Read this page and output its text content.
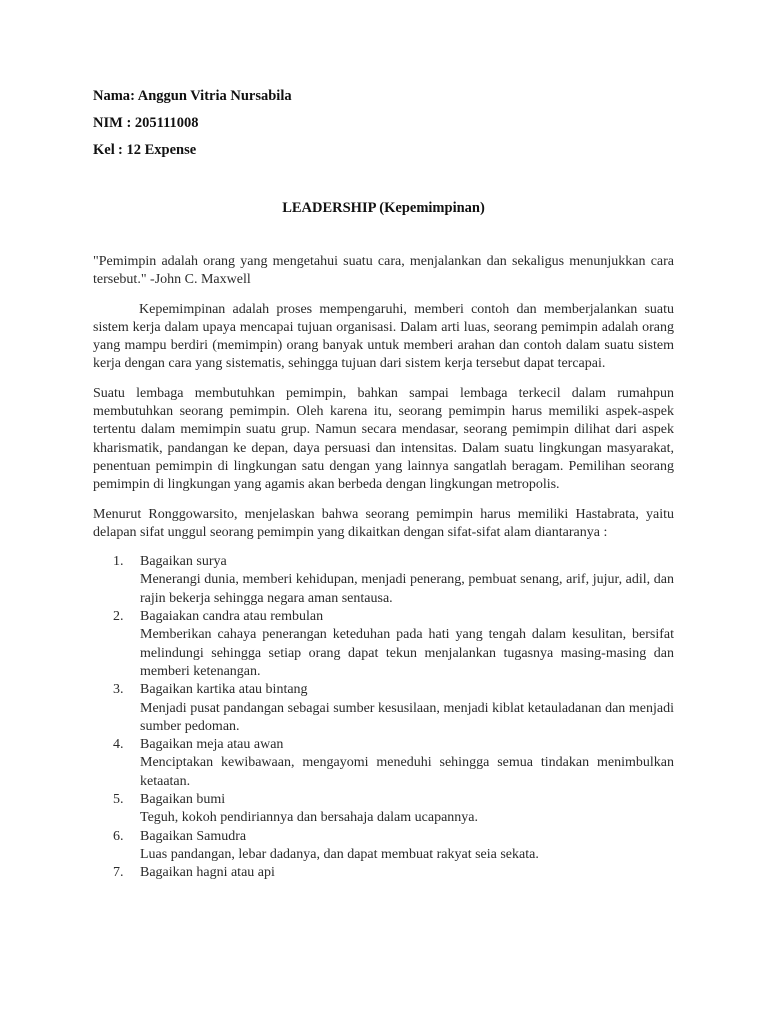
Nama: Anggun Vitria Nursabila
NIM : 205111008
Kel : 12 Expense
LEADERSHIP (Kepemimpinan)

"Pemimpin adalah orang yang mengetahui suatu cara, menjalankan dan sekaligus menunjukkan cara tersebut." -John C. Maxwell

Kepemimpinan adalah proses mempengaruhi, memberi contoh dan memberjalankan suatu sistem kerja dalam upaya mencapai tujuan organisasi. Dalam arti luas, seorang pemimpin adalah orang yang mampu berdiri (memimpin) orang banyak untuk memberi arahan dan contoh dalam suatu sistem kerja dengan cara yang sistematis, sehingga tujuan dari sistem kerja tersebut dapat tercapai.

Suatu lembaga membutuhkan pemimpin, bahkan sampai lembaga terkecil dalam rumahpun membutuhkan seorang pemimpin. Oleh karena itu, seorang pemimpin harus memiliki aspek-aspek tertentu dalam memimpin suatu grup. Namun secara mendasar, seorang pemimpin dilihat dari aspek kharismatik, pandangan ke depan, daya persuasi dan intensitas. Dalam suatu lingkungan masyarakat, penentuan pemimpin di lingkungan satu dengan yang lainnya sangatlah beragam. Pemilihan seorang pemimpin di lingkungan yang agamis akan berbeda dengan lingkungan metropolis.

Menurut Ronggowarsito, menjelaskan bahwa seorang pemimpin harus memiliki Hastabrata, yaitu delapan sifat unggul seorang pemimpin yang dikaitkan dengan sifat-sifat alam diantaranya :

1. Bagaikan surya
Menerangi dunia, memberi kehidupan, menjadi penerang, pembuat senang, arif, jujur, adil, dan rajin bekerja sehingga negara aman sentausa.
2. Bagaiakan candra atau rembulan
Memberikan cahaya penerangan keteduhan pada hati yang tengah dalam kesulitan, bersifat melindungi sehingga setiap orang dapat tekun menjalankan tugasnya masing-masing dan memberi ketenangan.
3. Bagaikan kartika atau bintang
Menjadi pusat pandangan sebagai sumber kesusilaan, menjadi kiblat ketauladanan dan menjadi sumber pedoman.
4. Bagaikan meja atau awan
Menciptakan kewibawaan, mengayomi meneduhi sehingga semua tindakan menimbulkan ketaatan.
5. Bagaikan bumi
Teguh, kokoh pendiriannya dan bersahaja dalam ucapannya.
6. Bagaikan Samudra
Luas pandangan, lebar dadanya, dan dapat membuat rakyat seia sekata.
7. Bagaikan hagni atau api
